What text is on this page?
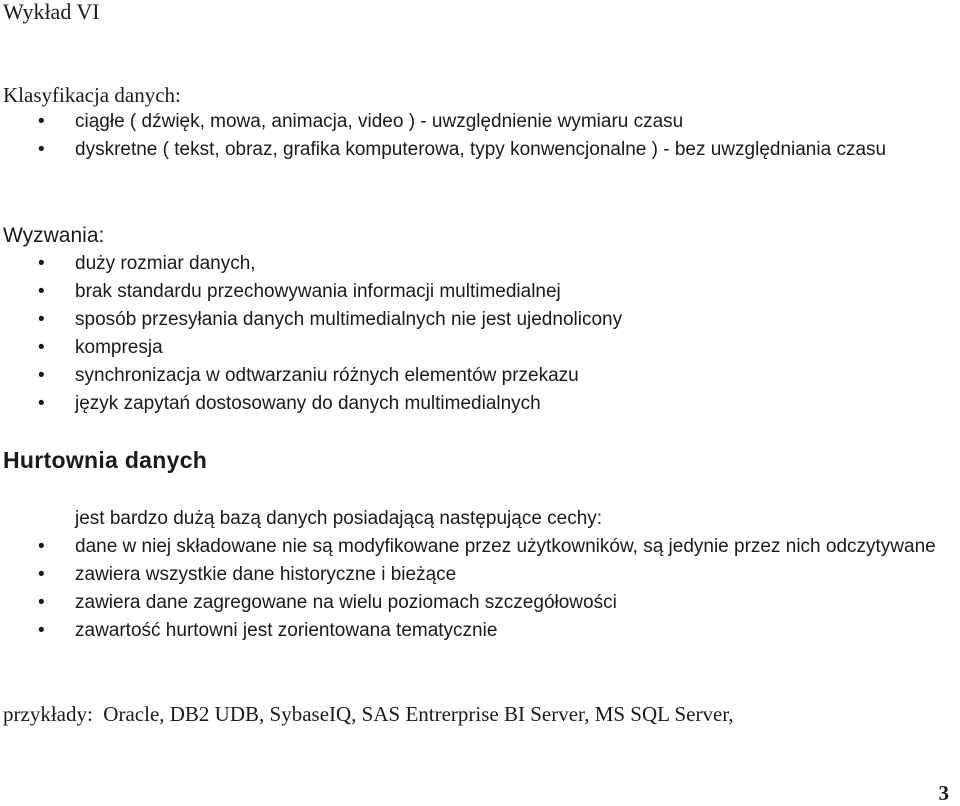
Wykład VI
Klasyfikacja danych:
• ciągłe ( dźwięk, mowa, animacja, video ) - uwzględnienie wymiaru czasu
• dyskretne ( tekst, obraz, grafika komputerowa, typy konwencjonalne ) - bez uwzględniania czasu
Wyzwania:
• duży rozmiar danych,
• brak standardu przechowywania informacji multimedialnej
• sposób przesyłania danych multimedialnych nie jest ujednolicony
• kompresja
• synchronizacja w odtwarzaniu różnych elementów przekazu
• język zapytań dostosowany do danych multimedialnych
Hurtownia danych
jest bardzo dużą bazą danych posiadającą następujące cechy:
• dane w niej składowane nie są modyfikowane przez użytkowników, są jedynie przez nich odczytywane
• zawiera wszystkie dane historyczne i bieżące
• zawiera dane zagregowane na wielu poziomach szczegółowości
• zawartość hurtowni jest zorientowana tematycznie
przykłady:  Oracle, DB2 UDB, SybaseIQ, SAS Entrerprise BI Server, MS SQL Server,
3
